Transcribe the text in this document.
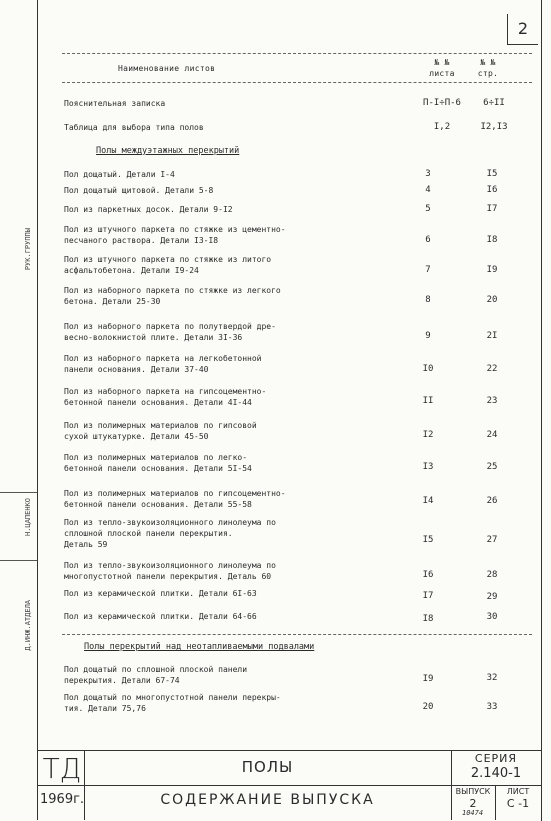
2
РУК.ГРУППЫ
Д.ИНЖ.АТДЕЛА
Н.ЦАПЕНКО
Наименование листов
№ №
листа
№ №
стр.
Пояснительная записка	П-I÷П-6	6÷II
Таблица для выбора типа полов	I,2	I2,I3
Полы междуэтажных перекрытий
Пол дощатый. Детали I-4	3	I5
Пол дощатый щитовой. Детали 5-8	4	I6
Пол из паркетных досок. Детали 9-I2	5	I7
Пол из штучного паркета по стяжке из цементно-
песчаного раствора. Детали I3-I8	6	I8
Пол из штучного паркета по стяжке из литого
асфальтобетона. Детали I9-24	7	I9
Пол из наборного паркета по стяжке из легкого
бетона. Детали 25-30	8	20
Пол из наборного паркета по полутвердой дре-
весно-волокнистой плите. Детали 3I-36	9	2I
Пол из наборного паркета на легкобетонной
панели основания. Детали 37-40	I0	22
Пол из наборного паркета на гипсоцементно-
бетонной панели основания. Детали 4I-44	II	23
Пол из полимерных материалов по гипсовой
сухой штукатурке. Детали 45-50	I2	24
Пол из полимерных материалов по легко-
бетонной панели основания. Детали 5I-54	I3	25
Пол из полимерных материалов по гипсоцементно-
бетонной панели основания. Детали 55-58	I4	26
Пол из тепло-звукоизоляционного линолеума по
сплошной плоской панели перекрытия.
Деталь 59	I5	27
Пол из тепло-звукоизоляционного линолеума по
многопустотной панели перекрытия. Деталь 60	I6	28
Пол из керамической плитки. Детали 6I-63	I7	29
Пол из керамической плитки. Детали 64-66	I8	30
Полы перекрытий над неотапливаемыми подвалами
Пол дощатый по сплошной плоской панели
перекрытия. Детали 67-74	I9	32
Пол дощатый по многопустотной панели перекры-
тия. Детали 75,76	20	33
ТД
1969г.
ПОЛЫ
СОДЕРЖАНИЕ ВЫПУСКА
СЕРИЯ
2.140-1
ВЫПУСК
2
ЛИСТ
С -1
10474
